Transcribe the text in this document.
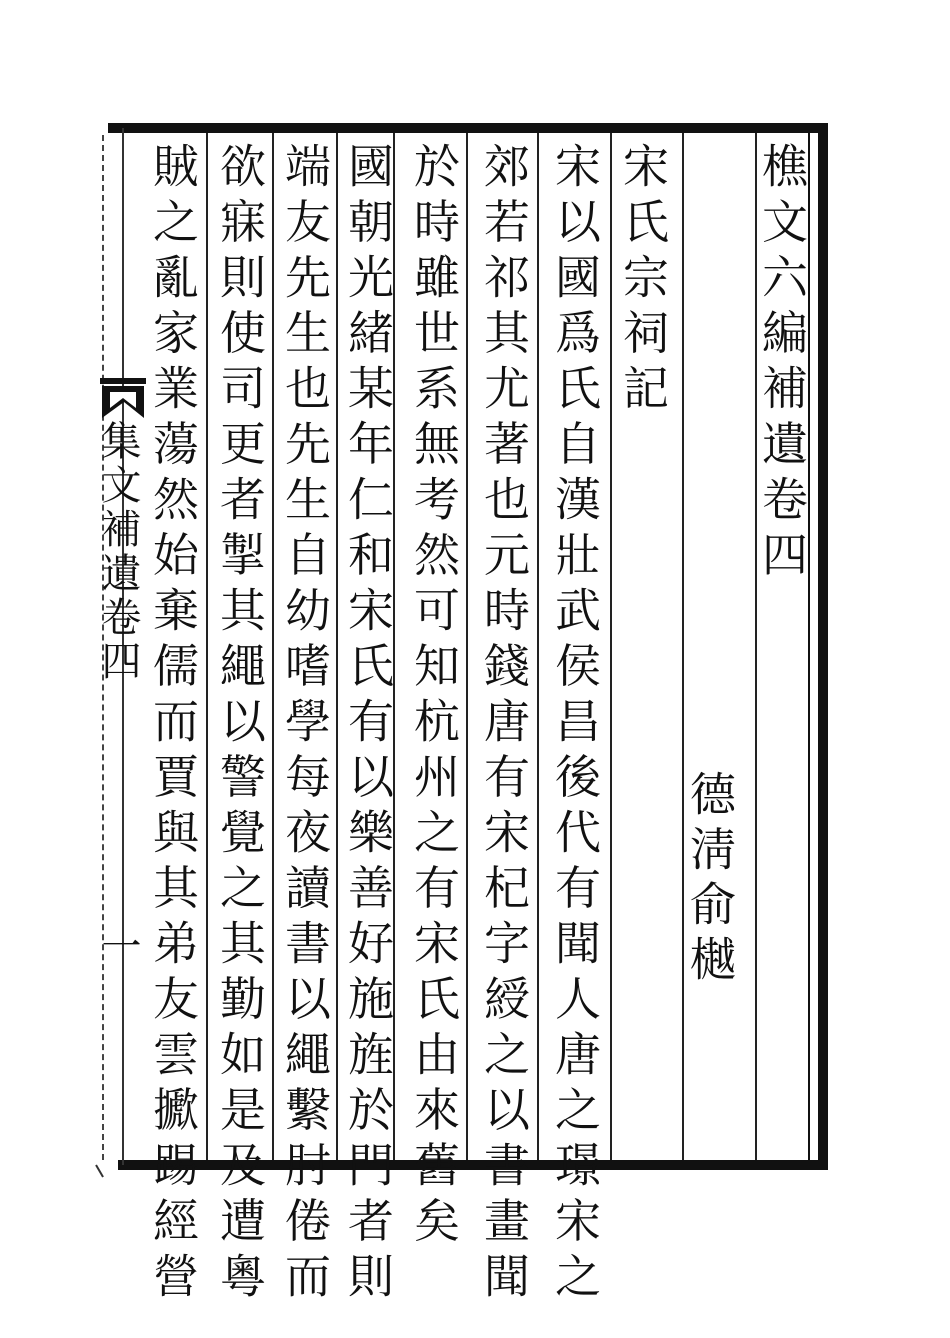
集文補遺卷四
一
樵文六編補遺卷四
德淸俞樾
宋氏宗祠記
宋以國爲氏自漢壯武侯昌後代有聞人唐之璟宋之
郊若祁其尤著也元時錢唐有宋杞字綬之以書畫聞
於時雖世系無考然可知杭州之有宋氏由來舊矣
國朝光緒某年仁和宋氏有以樂善好施旌於門者則
端友先生也先生自幼嗜學每夜讀書以繩繫肘倦而
欲寐則使司更者掣其繩以警覺之其勤如是及遭粵
賊之亂家業蕩然始棄儒而賈與其弟友雲擨踢經營
